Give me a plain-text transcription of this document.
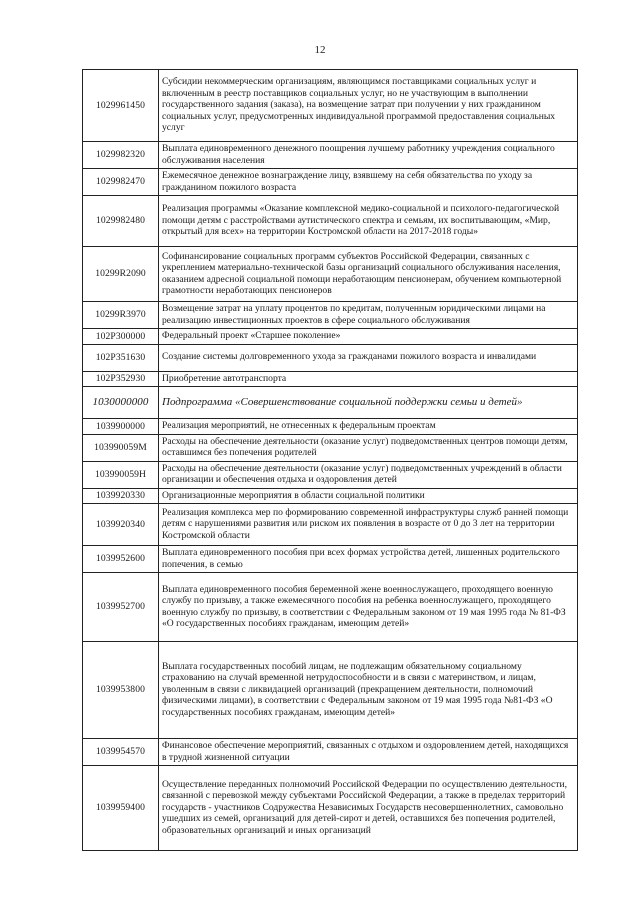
12
1029961450	Субсидии некоммерческим организациям, являющимся поставщиками социальных услуг и включенным в реестр поставщиков социальных услуг, но не участвующим в выполнении государственного задания (заказа), на возмещение затрат при получении у них гражданином социальных услуг, предусмотренных индивидуальной программой предоставления социальных услуг
1029982320	Выплата единовременного денежного поощрения лучшему работнику учреждения социального обслуживания населения
1029982470	Ежемесячное денежное вознаграждение лицу, взявшему на себя обязательства по уходу за гражданином пожилого возраста
1029982480	Реализация программы «Оказание комплексной медико-социальной и психолого-педагогической помощи детям с расстройствами аутистического спектра и семьям, их воспитывающим, «Мир, открытый для всех» на территории Костромской области на 2017-2018 годы»
10299R2090	Софинансирование социальных программ субъектов Российской Федерации, связанных с укреплением материально-технической базы организаций социального обслуживания населения, оказанием адресной социальной помощи неработающим пенсионерам, обучением компьютерной грамотности неработающих пенсионеров
10299R3970	Возмещение затрат на уплату процентов по кредитам, полученным юридическими лицами на реализацию инвестиционных проектов в сфере социального обслуживания
102P300000	Федеральный проект «Старшее поколение»
102P351630	Создание системы долговременного ухода за гражданами пожилого возраста и инвалидами
102P352930	Приобретение автотранспорта
1030000000	Подпрограмма «Совершенствование социальной поддержки семьи и детей»
1039900000	Реализация мероприятий, не отнесенных к федеральным проектам
103990059M	Расходы на обеспечение деятельности (оказание услуг) подведомственных центров помощи детям, оставшимся без попечения родителей
103990059H	Расходы на обеспечение деятельности (оказание услуг) подведомственных учреждений в области организации и обеспечения отдыха и оздоровления детей
1039920330	Организационные мероприятия в области социальной политики
1039920340	Реализация комплекса мер по формированию современной инфраструктуры служб ранней помощи детям с нарушениями развития или риском их появления в возрасте от 0 до 3 лет на территории Костромской области
1039952600	Выплата единовременного пособия при всех формах устройства детей, лишенных родительского попечения, в семью
1039952700	Выплата единовременного пособия беременной жене военнослужащего, проходящего военную службу по призыву, а также ежемесячного пособия на ребенка военнослужащего, проходящего военную службу по призыву, в соответствии с Федеральным законом от 19 мая 1995 года № 81-ФЗ «О государственных пособиях гражданам, имеющим детей»
1039953800	Выплата государственных пособий лицам, не подлежащим обязательному социальному страхованию на случай временной нетрудоспособности и в связи с материнством, и лицам, уволенным в связи с ликвидацией организаций (прекращением деятельности, полномочий физическими лицами), в соответствии с Федеральным законом от 19 мая 1995 года №81-ФЗ «О государственных пособиях гражданам, имеющим детей»
1039954570	Финансовое обеспечение мероприятий, связанных с отдыхом и оздоровлением детей, находящихся в трудной жизненной ситуации
1039959400	Осуществление переданных полномочий Российской Федерации по осуществлению деятельности, связанной с перевозкой между субъектами Российской Федерации, а также в пределах территорий государств - участников Содружества Независимых Государств несовершеннолетних, самовольно ушедших из семей, организаций для детей-сирот и детей, оставшихся без попечения родителей, образовательных организаций и иных организаций
